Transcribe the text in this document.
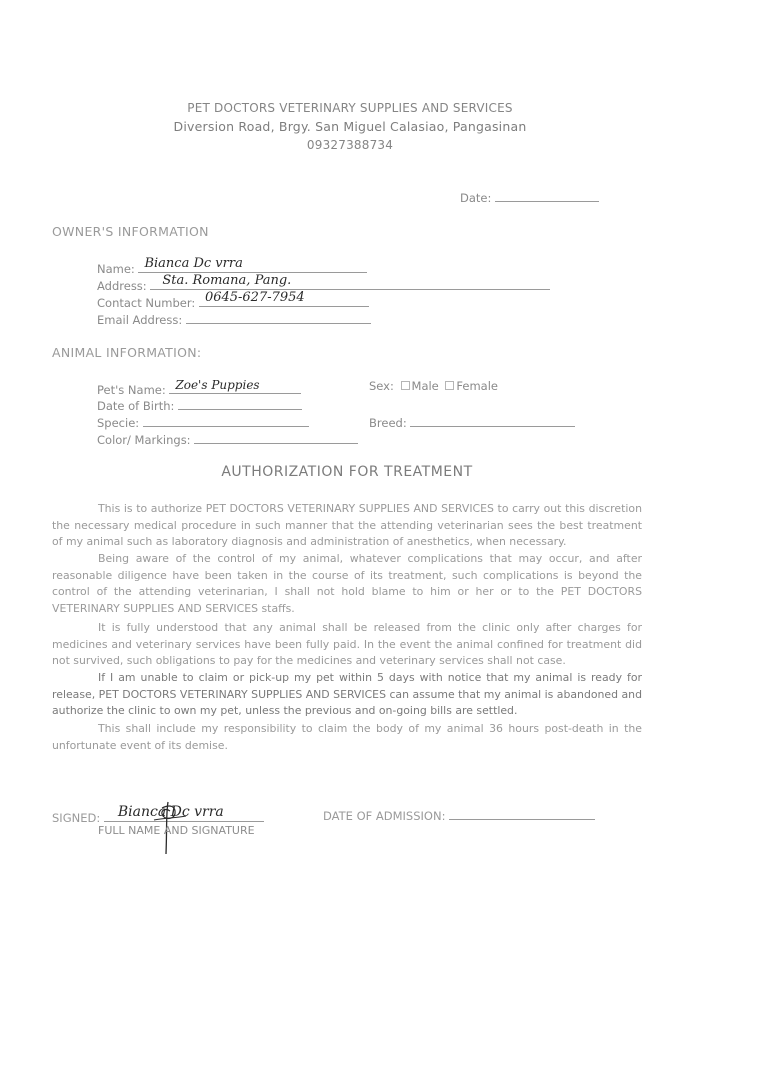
PET DOCTORS VETERINARY SUPPLIES AND SERVICES
Diversion Road, Brgy. San Miguel Calasiao, Pangasinan
09327388734
Date:
OWNER'S INFORMATION
Name: Bianca Dc vrra
Address: Sta. Romana, Pang.
Contact Number: 0645-627-7954
Email Address:
ANIMAL INFORMATION:
Pet's Name: Zoe's Puppies
Date of Birth:
Specie:
Color/ Markings:
Sex: Male Female
Breed:
AUTHORIZATION FOR TREATMENT
This is to authorize PET DOCTORS VETERINARY SUPPLIES AND SERVICES to carry out this discretion the necessary medical procedure in such manner that the attending veterinarian sees the best treatment of my animal such as laboratory diagnosis and administration of anesthetics, when necessary.
Being aware of the control of my animal, whatever complications that may occur, and after reasonable diligence have been taken in the course of its treatment, such complications is beyond the control of the attending veterinarian, I shall not hold blame to him or her or to the PET DOCTORS VETERINARY SUPPLIES AND SERVICES staffs.
It is fully understood that any animal shall be released from the clinic only after charges for medicines and veterinary services have been fully paid. In the event the animal confined for treatment did not survived, such obligations to pay for the medicines and veterinary services shall not case.
If I am unable to claim or pick-up my pet within 5 days with notice that my animal is ready for release, PET DOCTORS VETERINARY SUPPLIES AND SERVICES can assume that my animal is abandoned and authorize the clinic to own my pet, unless the previous and on-going bills are settled.
This shall include my responsibility to claim the body of my animal 36 hours post-death in the unfortunate event of its demise.
SIGNED: Bianca Dc vrra
FULL NAME AND SIGNATURE
DATE OF ADMISSION:
